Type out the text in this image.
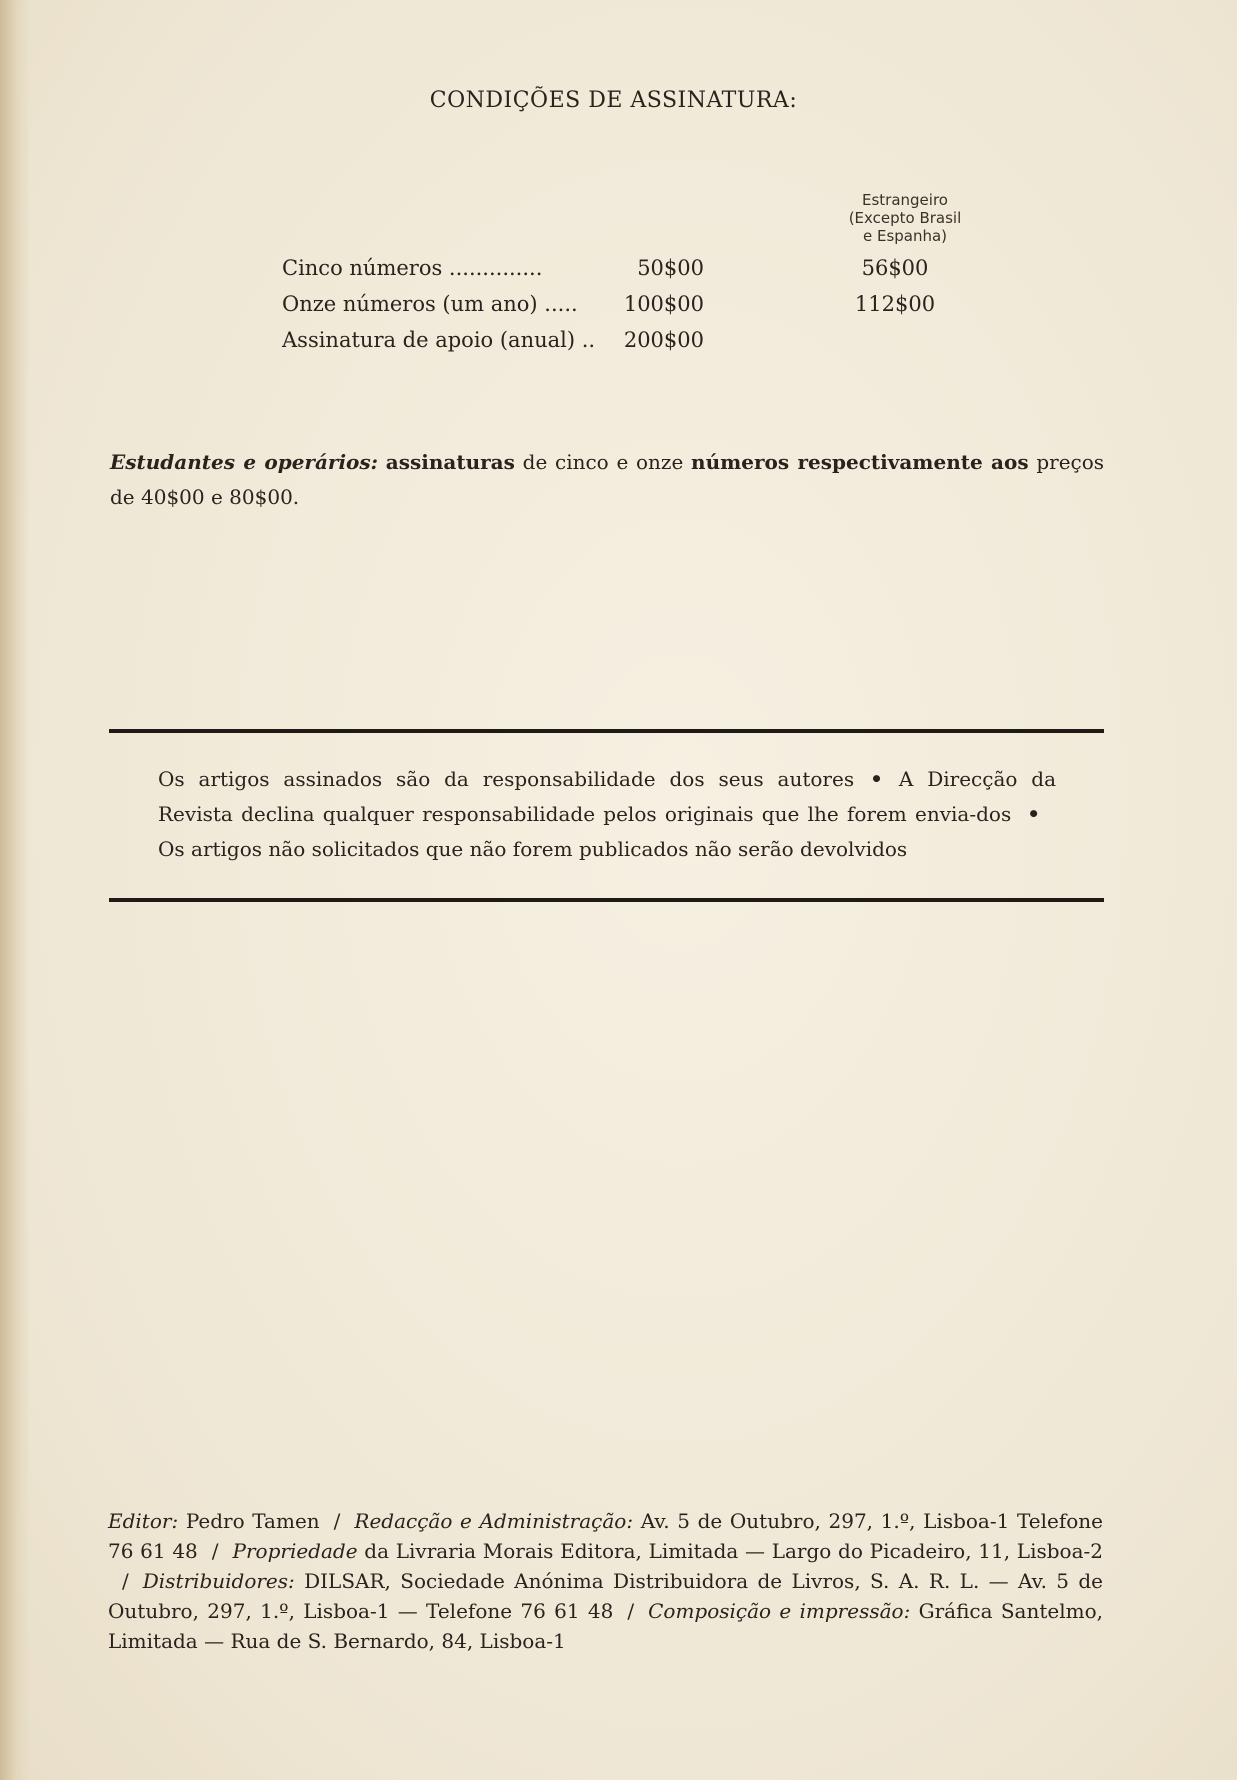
CONDIÇÕES DE ASSINATURA:
Estrangeiro
(Excepto Brasil
e Espanha)
Cinco números ..............	50$00	56$00
Onze números (um ano) .....	100$00	112$00
Assinatura de apoio (anual) ..	200$00
Estudantes e operários: assinaturas de cinco e onze números respectivamente aos preços de 40$00 e 80$00.
Os artigos assinados são da responsabilidade dos seus autores • A Direcção da Revista declina qualquer responsabilidade pelos originais que lhe forem envia-dos •Os artigos não solicitados que não forem publicados não serão devolvidos
Editor: Pedro Tamen / Redacção e Administração: Av. 5 de Outubro, 297, 1.º, Lisboa-1 Telefone 76 61 48 / Propriedade da Livraria Morais Editora, Limitada — Largo do Picadeiro, 11, Lisboa-2/ Distribuidores: DILSAR, Sociedade Anónima Distribuidora de Livros, S. A. R. L. — Av. 5 de Outubro, 297, 1.º, Lisboa-1 — Telefone 76 61 48 / Composição e impressão: Gráfica Santelmo, Limitada — Rua de S. Bernardo, 84, Lisboa-1
